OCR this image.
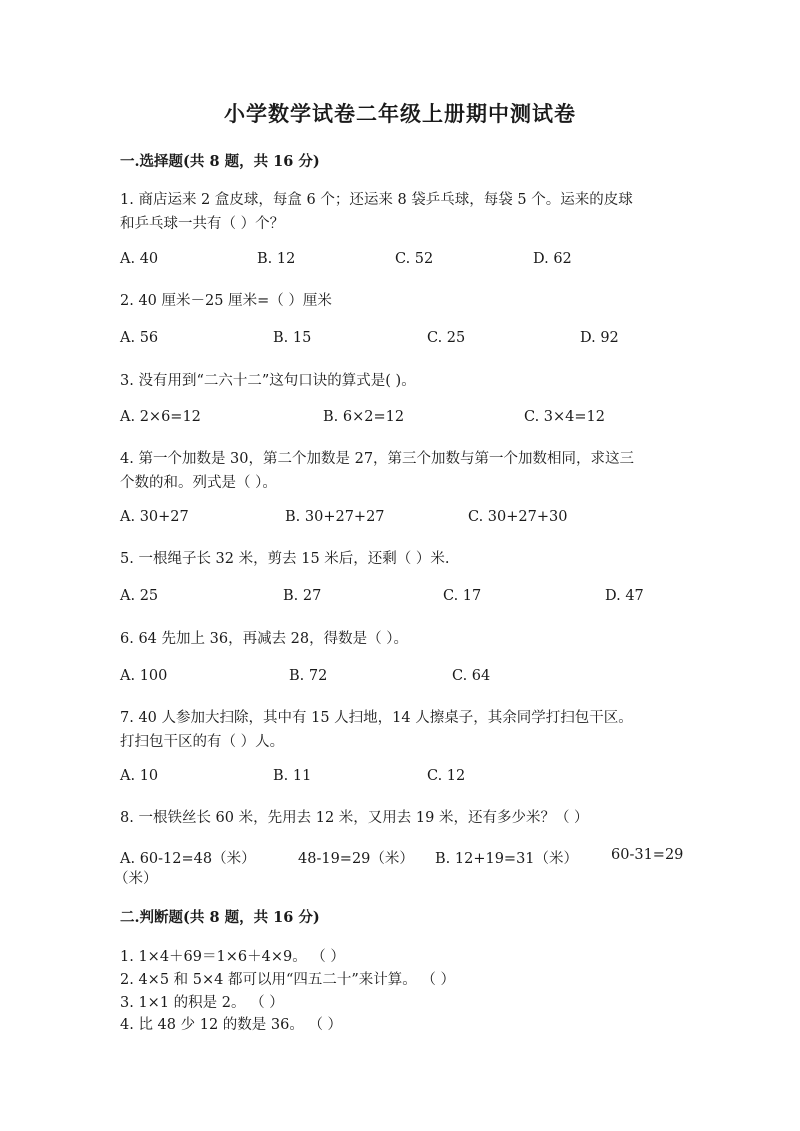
小学数学试卷二年级上册期中测试卷
一.选择题(共 8 题，共 16 分)
1. 商店运来 2 盒皮球，每盒 6 个；还运来 8 袋乒乓球，每袋 5 个。运来的皮球
和乒乓球一共有（ ）个？
A. 40	B. 12	C. 52	D. 62
2. 40 厘米－25 厘米=（ ）厘米
A. 56	B. 15	C. 25	D. 92
3. 没有用到“二六十二”这句口诀的算式是( )。
A. 2×6=12	B. 6×2=12	C. 3×4=12
4. 第一个加数是 30，第二个加数是 27，第三个加数与第一个加数相同，求这三
个数的和。列式是（ ）。
A. 30+27	B. 30+27+27	C. 30+27+30
5. 一根绳子长 32 米，剪去 15 米后，还剩（ ）米.
A. 25	B. 27	C. 17	D. 47
6. 64 先加上 36，再减去 28，得数是（ ）。
A. 100	B. 72	C. 64
7. 40 人参加大扫除，其中有 15 人扫地，14 人擦桌子，其余同学打扫包干区。
打扫包干区的有（ ）人。
A. 10	B. 11	C. 12
8. 一根铁丝长 60 米，先用去 12 米，又用去 19 米，还有多少米？（ ）
A. 60-12=48（米）	48-19=29（米） B. 12+19=31（米） 60-31=29
（米）
二.判断题(共 8 题，共 16 分)
1. 1×4＋69＝1×6＋4×9。 （ ）
2. 4×5 和 5×4 都可以用“四五二十”来计算。 （ ）
3. 1×1 的积是 2。 （ ）
4. 比 48 少 12 的数是 36。 （ ）
